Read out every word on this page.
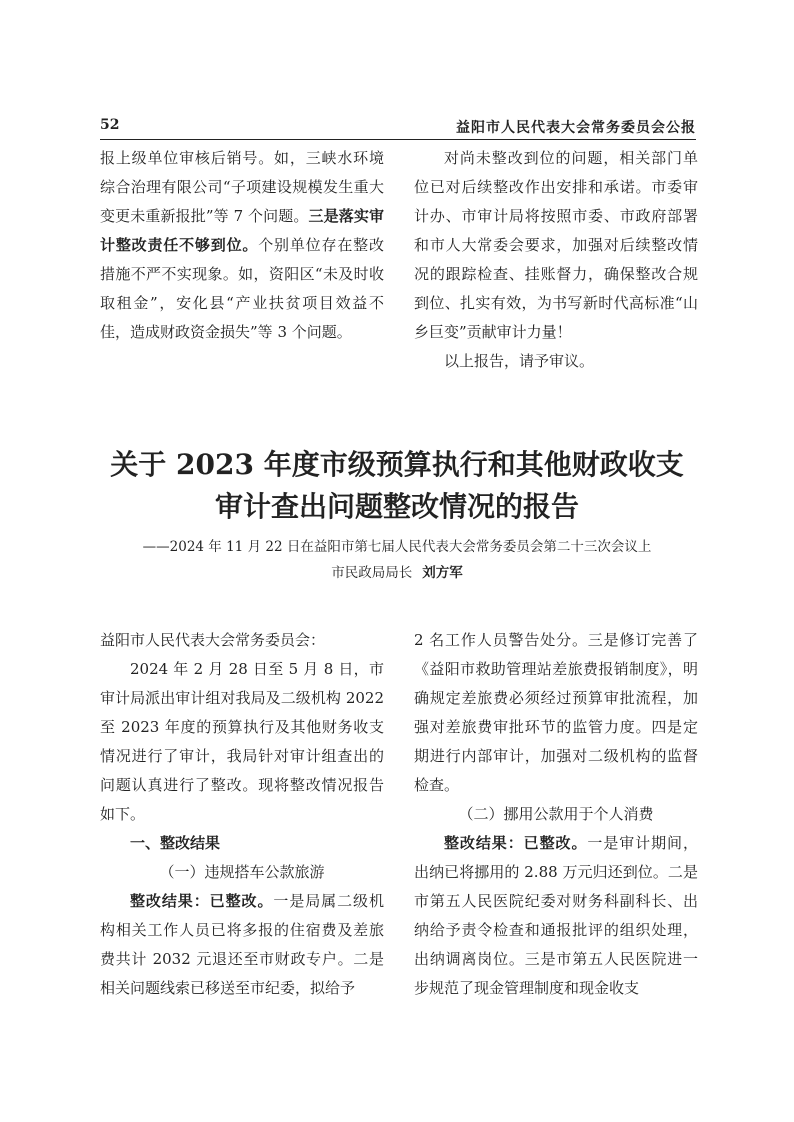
52	益阳市人民代表大会常务委员会公报

报上级单位审核后销号。如，三峡水环境综合治理有限公司“子项建设规模发生重大变更未重新报批”等 7 个问题。三是落实审计整改责任不够到位。个别单位存在整改措施不严不实现象。如，资阳区“未及时收取租金”，安化县“产业扶贫项目效益不佳，造成财政资金损失”等 3 个问题。

对尚未整改到位的问题，相关部门单位已对后续整改作出安排和承诺。市委审计办、市审计局将按照市委、市政府部署和市人大常委会要求，加强对后续整改情况的跟踪检查、挂账督力，确保整改合规到位、扎实有效，为书写新时代高标准“山乡巨变”贡献审计力量！

以上报告，请予审议。

关于 2023 年度市级预算执行和其他财政收支
审计查出问题整改情况的报告
——2024 年 11 月 22 日在益阳市第七届人民代表大会常务委员会第二十三次会议上
市民政局局长 刘方军

益阳市人民代表大会常务委员会：

2024 年 2 月 28 日至 5 月 8 日，市审计局派出审计组对我局及二级机构 2022 至 2023 年度的预算执行及其他财务收支情况进行了审计，我局针对审计组查出的问题认真进行了整改。现将整改情况报告如下。

一、整改结果

（一）违规搭车公款旅游

整改结果：已整改。一是局属二级机构相关工作人员已将多报的住宿费及差旅费共计 2032 元退还至市财政专户。二是相关问题线索已移送至市纪委，拟给予

2 名工作人员警告处分。三是修订完善了《益阳市救助管理站差旅费报销制度》，明确规定差旅费必须经过预算审批流程，加强对差旅费审批环节的监管力度。四是定期进行内部审计，加强对二级机构的监督检查。

（二）挪用公款用于个人消费

整改结果：已整改。一是审计期间，出纳已将挪用的 2.88 万元归还到位。二是市第五人民医院纪委对财务科副科长、出纳给予责令检查和通报批评的组织处理，出纳调离岗位。三是市第五人民医院进一步规范了现金管理制度和现金收支
